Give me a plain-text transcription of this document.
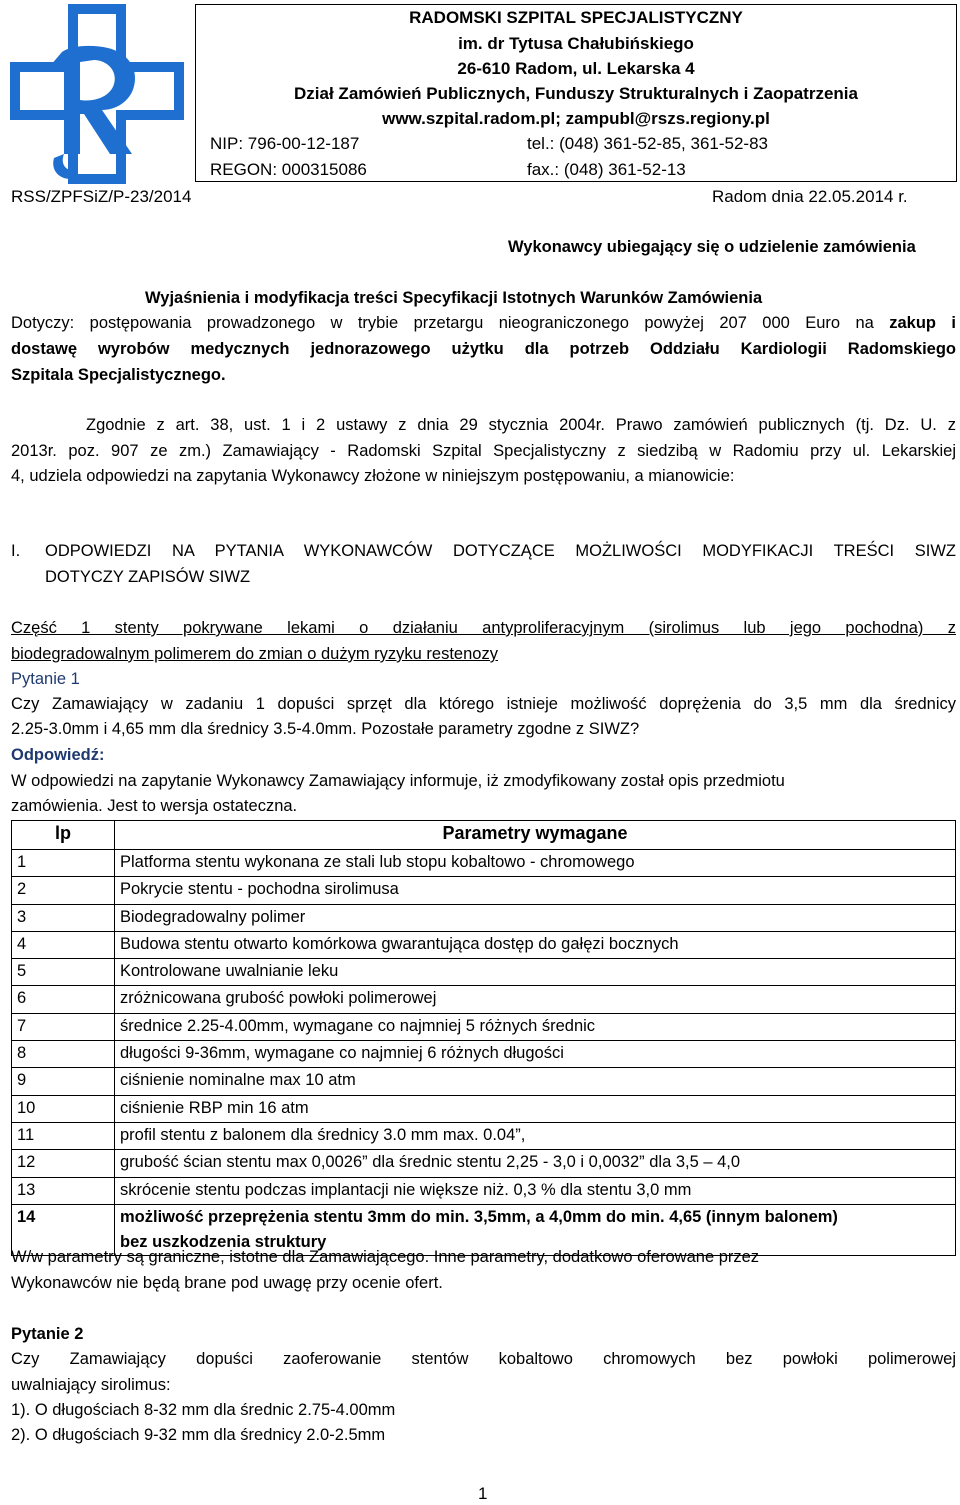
RADOMSKI SZPITAL SPECJALISTYCZNY
im. dr Tytusa Chałubińskiego
26-610 Radom, ul. Lekarska 4
Dział Zamówień Publicznych, Funduszy Strukturalnych i Zaopatrzenia
www.szpital.radom.pl; zampubl@rszs.regiony.pl
NIP: 796-00-12-187	tel.: (048) 361-52-85, 361-52-83
REGON: 000315086	fax.: (048) 361-52-13
RSS/ZPFSiZ/P-23/2014	Radom dnia 22.05.2014 r.
Wykonawcy ubiegający się o udzielenie zamówienia
Wyjaśnienia i modyfikacja treści Specyfikacji Istotnych Warunków Zamówienia
Dotyczy: postępowania prowadzonego w trybie przetargu nieograniczonego powyżej 207 000 Euro na zakup i
dostawę wyrobów medycznych jednorazowego użytku dla potrzeb Oddziału Kardiologii Radomskiego
Szpitala Specjalistycznego.
Zgodnie z art. 38, ust. 1 i 2 ustawy z dnia 29 stycznia 2004r. Prawo zamówień publicznych (tj. Dz. U. z
2013r. poz. 907 ze zm.) Zamawiający - Radomski Szpital Specjalistyczny z siedzibą w Radomiu przy ul. Lekarskiej
4, udziela odpowiedzi na zapytania Wykonawcy złożone w niniejszym postępowaniu, a mianowicie:
I. ODPOWIEDZI NA PYTANIA WYKONAWCÓW DOTYCZĄCE MOŻLIWOŚCI MODYFIKACJI TREŚCI SIWZ
DOTYCZY ZAPISÓW SIWZ
Część 1 stenty pokrywane lekami o działaniu antyproliferacyjnym (sirolimus lub jego pochodna) z
biodegradowalnym polimerem do zmian o dużym ryzyku restenozy
Pytanie 1
Czy Zamawiający w zadaniu 1 dopuści sprzęt dla którego istnieje możliwość doprężenia do 3,5 mm dla średnicy
2.25-3.0mm i 4,65 mm dla średnicy 3.5-4.0mm. Pozostałe parametry zgodne z SIWZ?
Odpowiedź:
W odpowiedzi na zapytanie Wykonawcy Zamawiający informuje, iż zmodyfikowany został opis przedmiotu
zamówienia. Jest to wersja ostateczna.
lp	Parametry wymagane
1	Platforma stentu wykonana ze stali lub stopu kobaltowo - chromowego
2	Pokrycie stentu - pochodna sirolimusa
3	Biodegradowalny polimer
4	Budowa stentu otwarto komórkowa gwarantująca dostęp do gałęzi bocznych
5	Kontrolowane uwalnianie leku
6	zróżnicowana grubość powłoki polimerowej
7	średnice 2.25-4.00mm, wymagane co najmniej 5 różnych średnic
8	długości 9-36mm, wymagane co najmniej 6 różnych długości
9	ciśnienie nominalne max 10 atm
10	ciśnienie RBP min 16 atm
11	profil stentu z balonem dla średnicy 3.0 mm max. 0.04”,
12	grubość ścian stentu max 0,0026” dla średnic stentu 2,25 - 3,0 i 0,0032” dla 3,5 – 4,0
13	skrócenie stentu podczas implantacji nie większe niż. 0,3 % dla stentu 3,0 mm
14	możliwość przeprężenia stentu 3mm do min. 3,5mm, a 4,0mm do min. 4,65 (innym balonem)
bez uszkodzenia struktury
W/w parametry są graniczne, istotne dla Zamawiającego. Inne parametry, dodatkowo oferowane przez
Wykonawców nie będą brane pod uwagę przy ocenie ofert.
Pytanie 2
Czy Zamawiający dopuści zaoferowanie stentów kobaltowo chromowych bez powłoki polimerowej
uwalniający sirolimus:
1). O długościach 8-32 mm dla średnic 2.75-4.00mm
2). O długościach 9-32 mm dla średnicy 2.0-2.5mm
1
